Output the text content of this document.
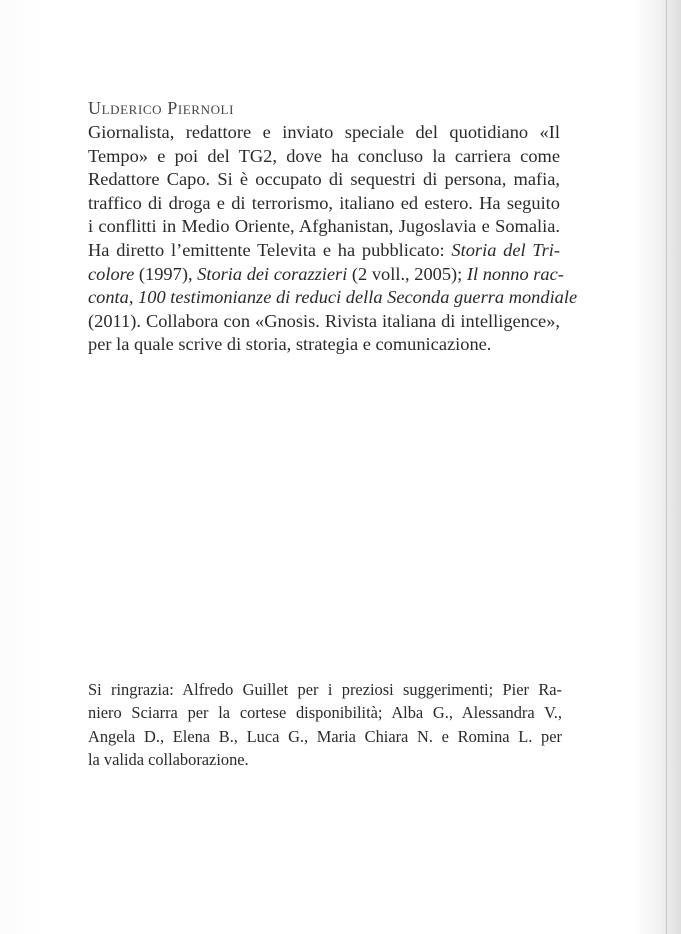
Ulderico Piernoli
Giornalista, redattore e inviato speciale del quotidiano «Il
Tempo» e poi del TG2, dove ha concluso la carriera come
Redattore Capo. Si è occupato di sequestri di persona, mafia,
traffico di droga e di terrorismo, italiano ed estero. Ha seguito
i conflitti in Medio Oriente, Afghanistan, Jugoslavia e Somalia.
Ha diretto l’emittente Televita e ha pubblicato: Storia del Tri-
colore (1997), Storia dei corazzieri (2 voll., 2005); Il nonno rac-
conta, 100 testimonianze di reduci della Seconda guerra mondiale
(2011). Collabora con «Gnosis. Rivista italiana di intelligence»,
per la quale scrive di storia, strategia e comunicazione.
Si ringrazia: Alfredo Guillet per i preziosi suggerimenti; Pier Ra-
niero Sciarra per la cortese disponibilità; Alba G., Alessandra V.,
Angela D., Elena B., Luca G., Maria Chiara N. e Romina L. per
la valida collaborazione.
